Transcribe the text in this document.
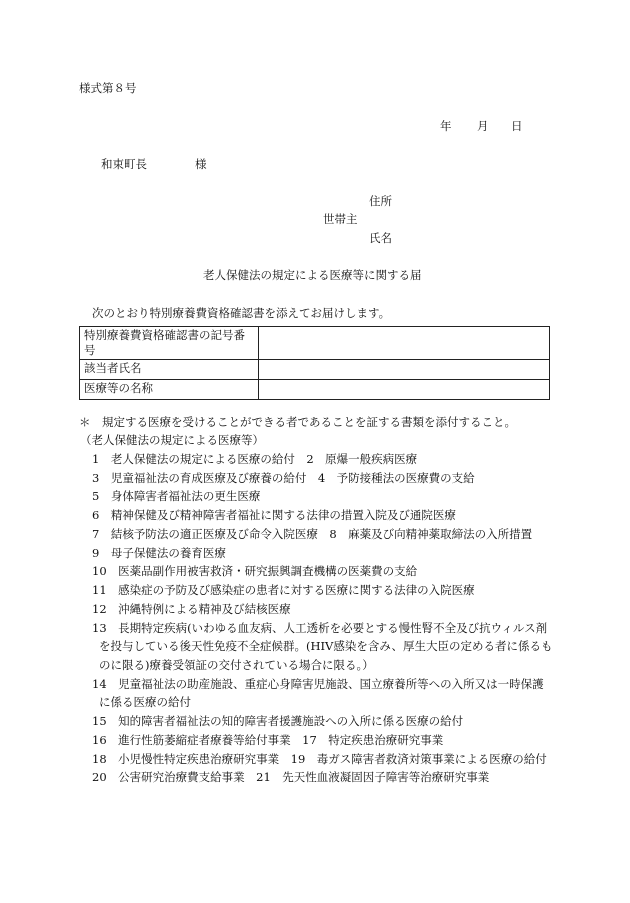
様式第８号
年 月 日
和束町長	様
住所
世帯主
氏名
老人保健法の規定による医療等に関する届
次のとおり特別療養費資格確認書を添えてお届けします。
特別療養費資格確認書の記号番
号	

該当者氏名	
医療等の名称	
＊　規定する医療を受けることができる者であることを証する書類を添付すること。
（老人保健法の規定による医療等）
1　老人保健法の規定による医療の給付　2　原爆一般疾病医療
3　児童福祉法の育成医療及び療養の給付　4　予防接種法の医療費の支給
5　身体障害者福祉法の更生医療
6　精神保健及び精神障害者福祉に関する法律の措置入院及び通院医療
7　結核予防法の適正医療及び命令入院医療　8　麻薬及び向精神薬取締法の入所措置
9　母子保健法の養育医療
10　医薬品副作用被害救済・研究振興調査機構の医薬費の支給
11　感染症の予防及び感染症の患者に対する医療に関する法律の入院医療
12　沖縄特例による精神及び結核医療
13　長期特定疾病(いわゆる血友病、人工透析を必要とする慢性腎不全及び抗ウィルス剤
を投与している後天性免疫不全症候群。(HIV感染を含み、厚生大臣の定める者に係るも
のに限る)療養受領証の交付されている場合に限る。）
14　児童福祉法の助産施設、重症心身障害児施設、国立療養所等への入所又は一時保護
に係る医療の給付
15　知的障害者福祉法の知的障害者援護施設への入所に係る医療の給付
16　進行性筋萎縮症者療養等給付事業　17　特定疾患治療研究事業
18　小児慢性特定疾患治療研究事業　19　毒ガス障害者救済対策事業による医療の給付
20　公害研究治療費支給事業　21　先天性血液凝固因子障害等治療研究事業
